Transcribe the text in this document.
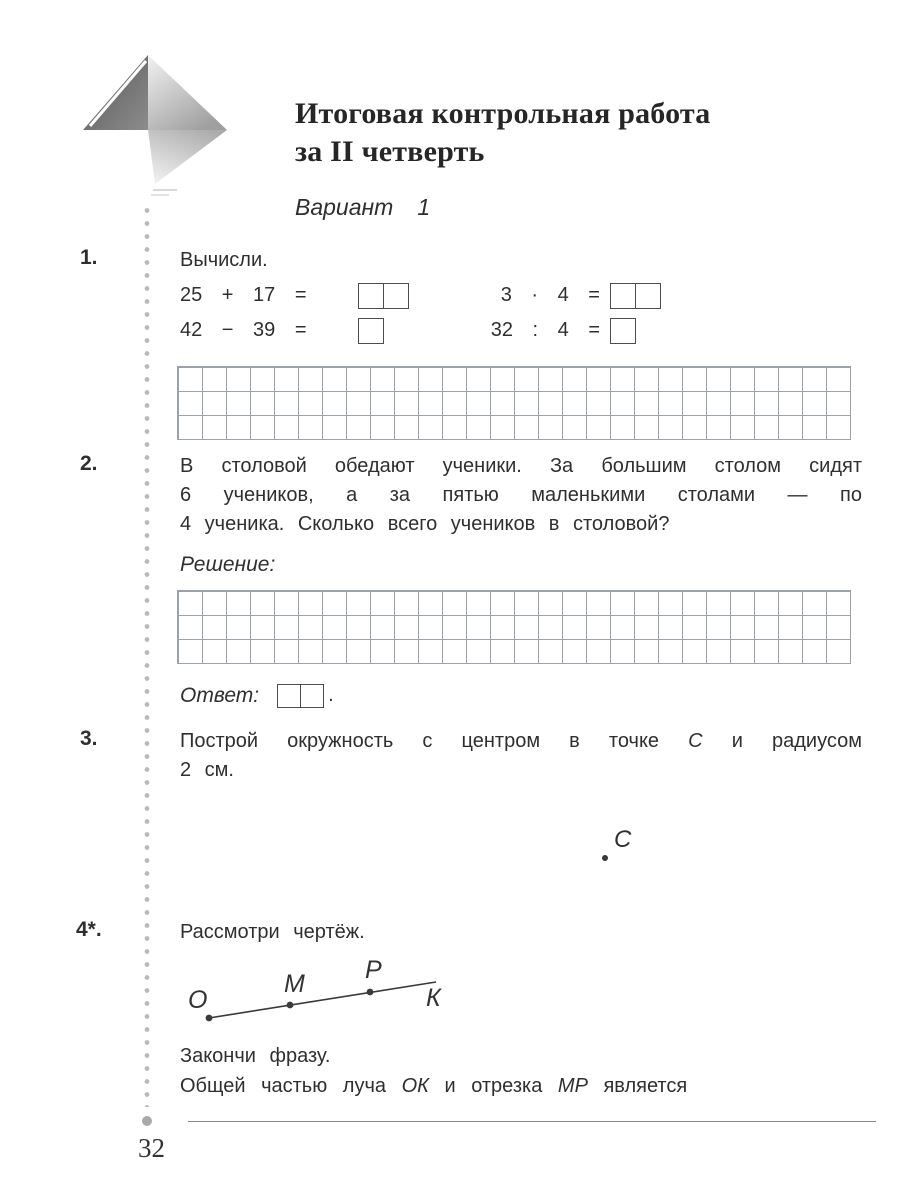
Итоговая контрольная работа
за II четверть
Вариант 1
1.
2.
3.
4*.
Вычисли.
25 + 17 =	3 · 4 =
42 − 39 =	32 : 4 =
В столовой обедают ученики. За большим столом сидят
6 учеников, а за пятью маленькими столами — по
4 ученика. Сколько всего учеников в столовой?
Решение:
Ответ:	.
Построй окружность с центром в точке С и радиусом
2 см.
С
Рассмотри чертёж.
О
М Р
К
Закончи фразу.
Общей частью луча ОК и отрезка МР является
32
